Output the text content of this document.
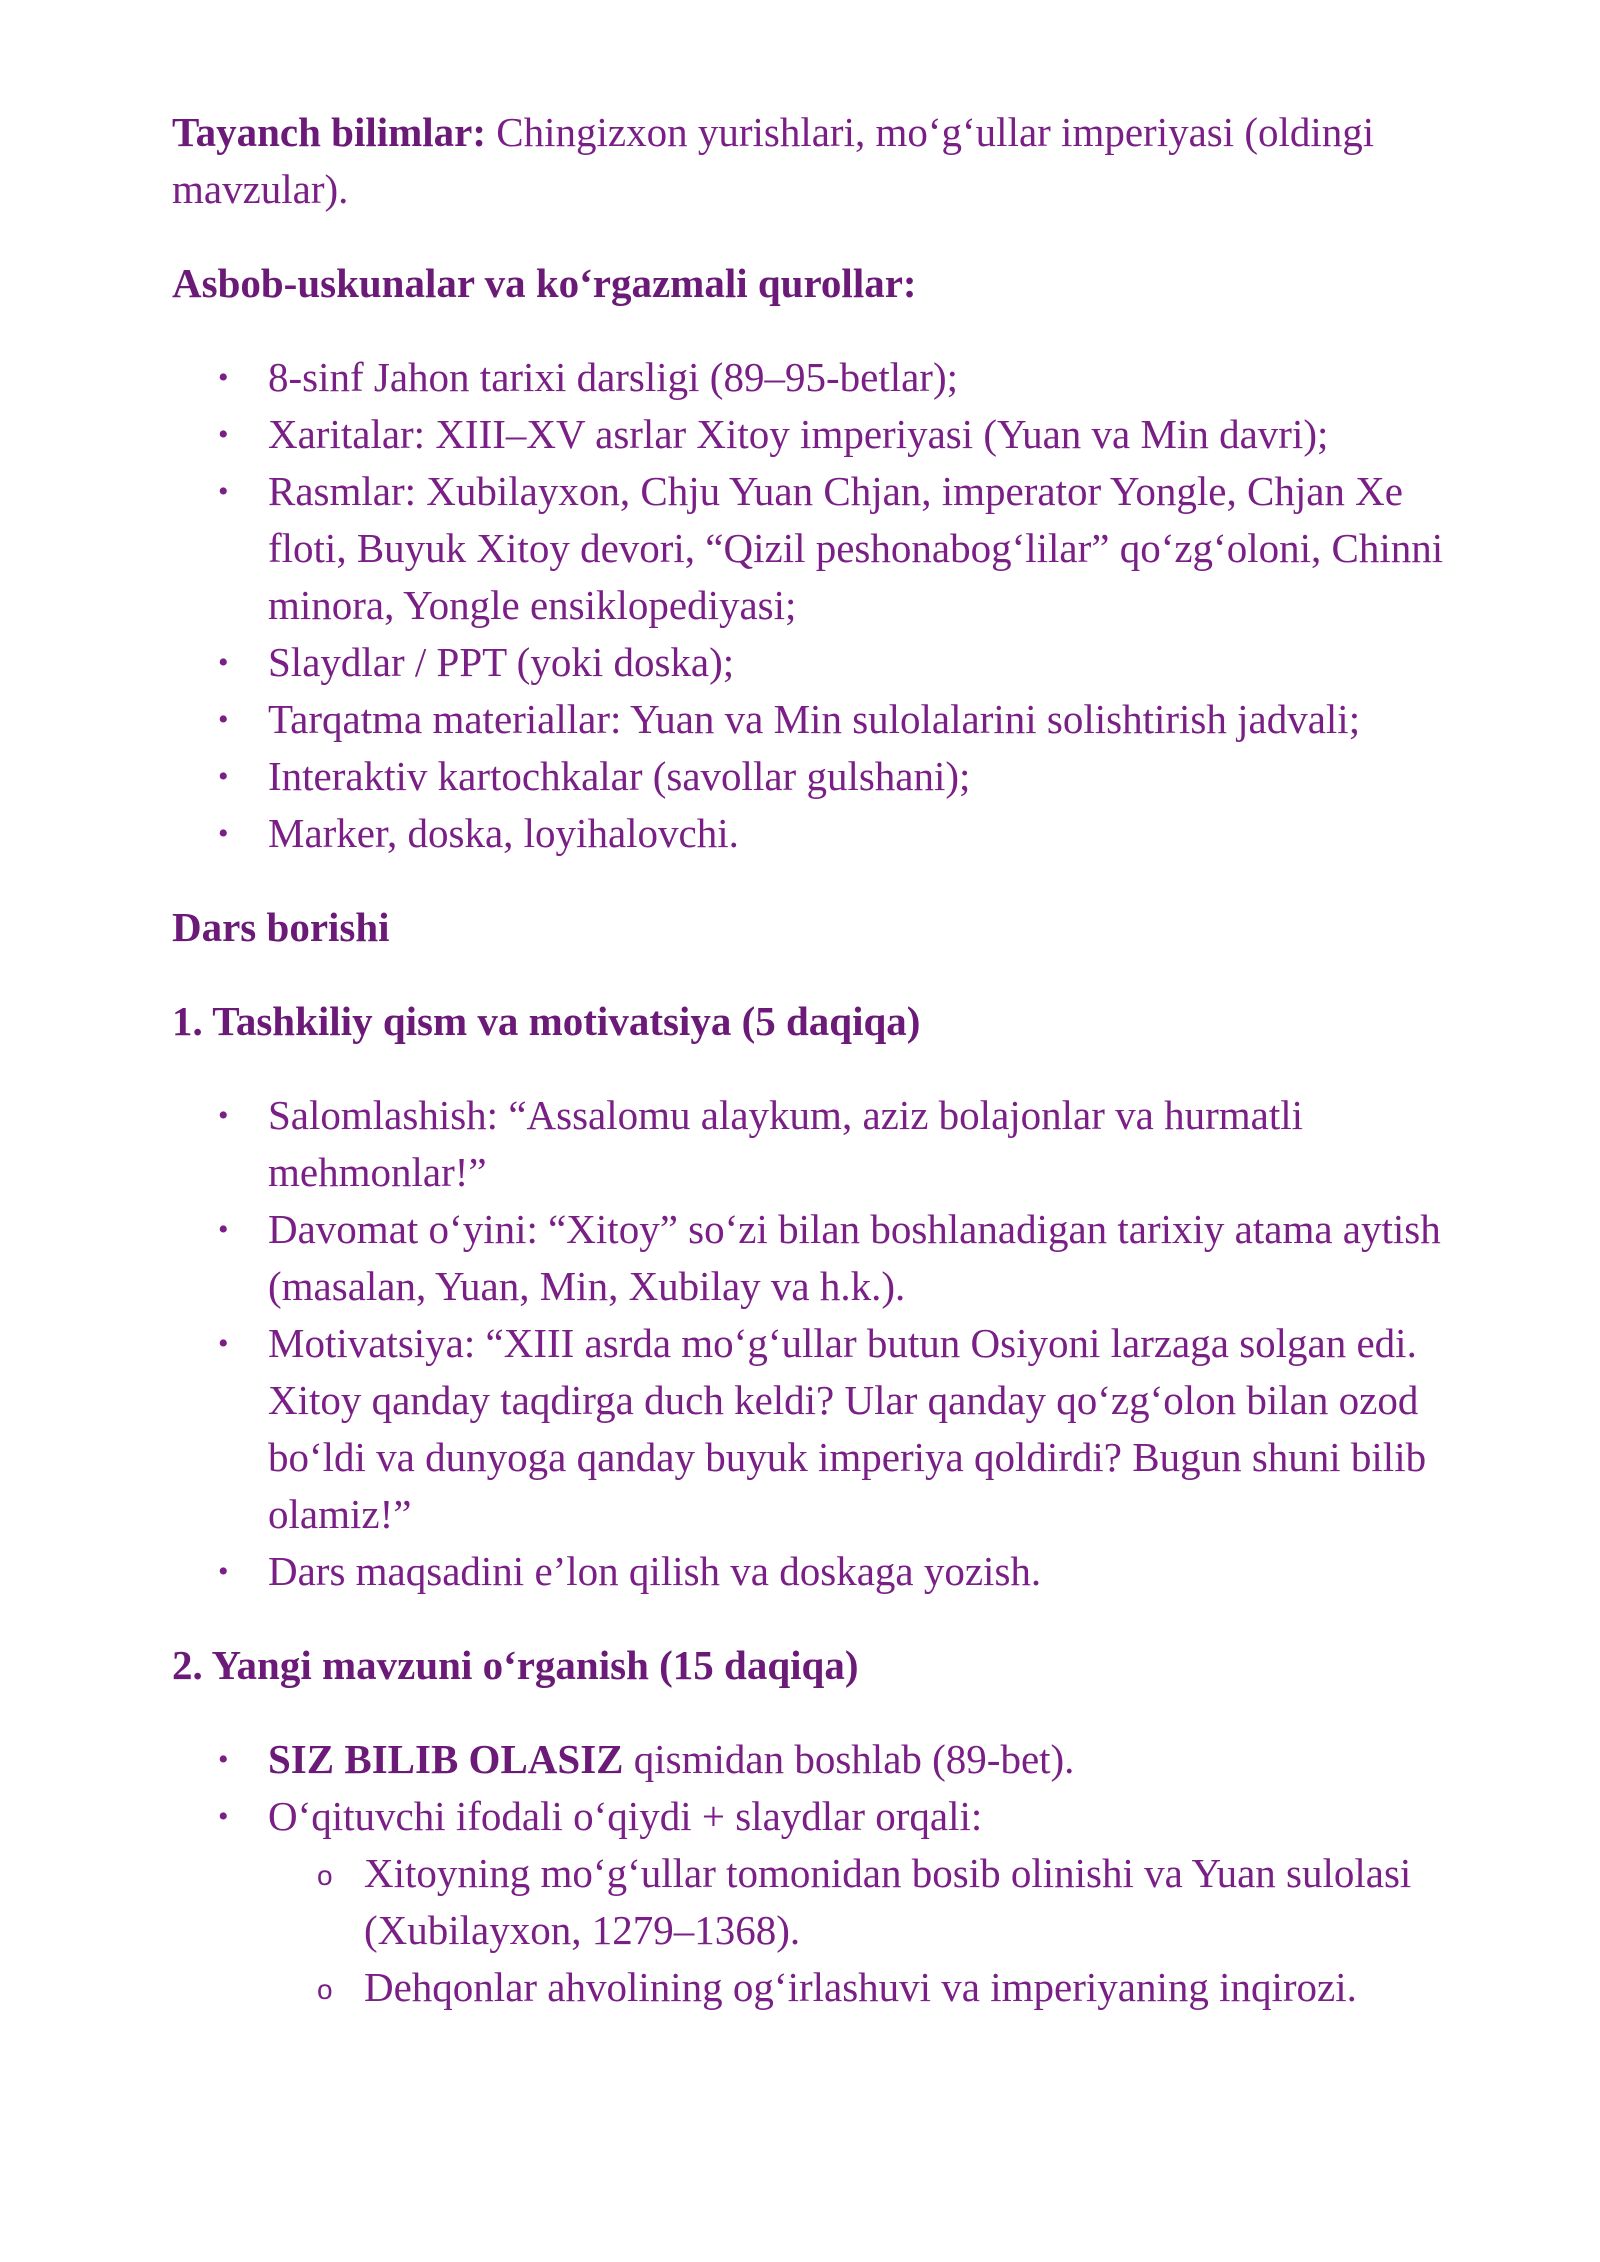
Tayanch bilimlar: Chingizxon yurishlari, mo‘g‘ullar imperiyasi (oldingi mavzular).

Asbob-uskunalar va ko‘rgazmali qurollar:
• 8-sinf Jahon tarixi darsligi (89–95-betlar);
• Xaritalar: XIII–XV asrlar Xitoy imperiyasi (Yuan va Min davri);
• Rasmlar: Xubilayxon, Chju Yuan Chjan, imperator Yongle, Chjan Xe floti, Buyuk Xitoy devori, “Qizil peshonabog‘lilar” qo‘zg‘oloni, Chinni minora, Yongle ensiklopediyasi;
• Slaydlar / PPT (yoki doska);
• Tarqatma materiallar: Yuan va Min sulolalarini solishtirish jadvali;
• Interaktiv kartochkalar (savollar gulshani);
• Marker, doska, loyihalovchi.
Dars borishi
1. Tashkiliy qism va motivatsiya (5 daqiqa)
• Salomlashish: “Assalomu alaykum, aziz bolajonlar va hurmatli mehmonlar!”
• Davomat o‘yini: “Xitoy” so‘zi bilan boshlanadigan tarixiy atama aytish (masalan, Yuan, Min, Xubilay va h.k.).
• Motivatsiya: “XIII asrda mo‘g‘ullar butun Osiyoni larzaga solgan edi. Xitoy qanday taqdirga duch keldi? Ular qanday qo‘zg‘olon bilan ozod bo‘ldi va dunyoga qanday buyuk imperiya qoldirdi? Bugun shuni bilib olamiz!”
• Dars maqsadini e’lon qilish va doskaga yozish.
2. Yangi mavzuni o‘rganish (15 daqiqa)
• SIZ BILIB OLASIZ qismidan boshlab (89-bet).
• O‘qituvchi ifodali o‘qiydi + slaydlar orqali:
o Xitoyning mo‘g‘ullar tomonidan bosib olinishi va Yuan sulolasi (Xubilayxon, 1279–1368).
o Dehqonlar ahvolining og‘irlashuvi va imperiyaning inqirozi.
